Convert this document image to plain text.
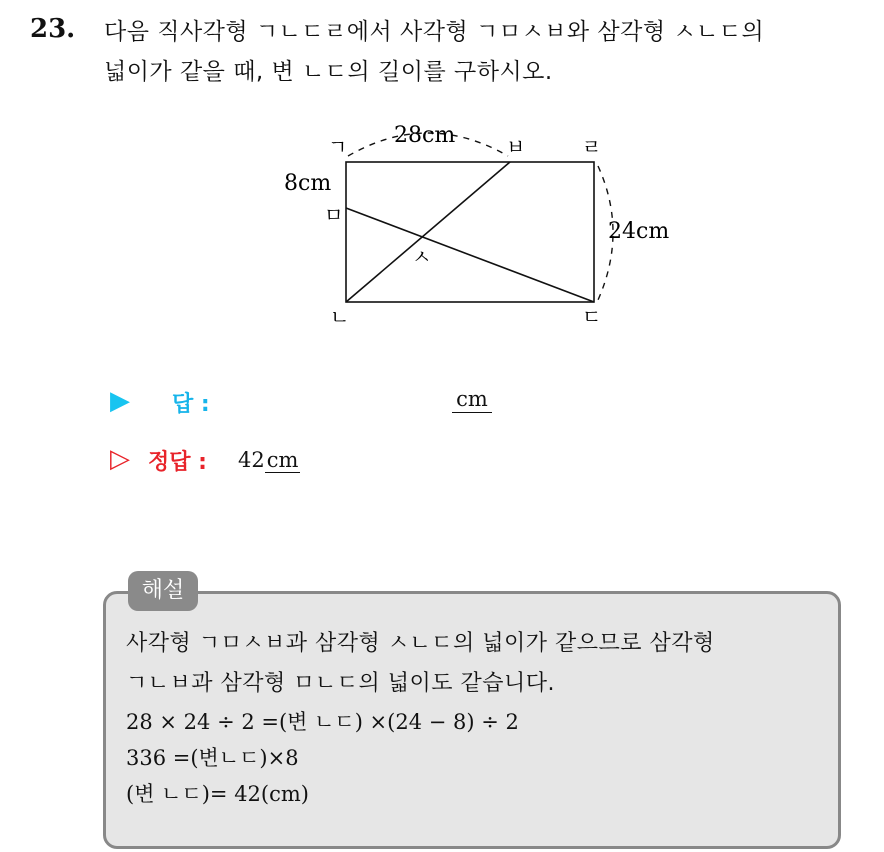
23. 다음 직사각형 ㄱㄴㄷㄹ에서 사각형 ㄱㅁㅅㅂ와 삼각형 ㅅㄴㄷ의
넓이가 같을 때, 변 ㄴㄷ의 길이를 구하시오.
ㄱ	ㅂ	ㄹ
ㅁ
ㅅ
ㄴ	ㄷ
28cm
8cm
24cm
▶ 답 :	cm
▷ 정답 : 42cm
해설
사각형 ㄱㅁㅅㅂ과 삼각형 ㅅㄴㄷ의 넓이가 같으므로 삼각형
ㄱㄴㅂ과 삼각형 ㅁㄴㄷ의 넓이도 같습니다.
28 × 24 ÷ 2 =(변 ㄴㄷ) ×(24 − 8) ÷ 2
336 =(변ㄴㄷ)×8
(변 ㄴㄷ)= 42(cm)
